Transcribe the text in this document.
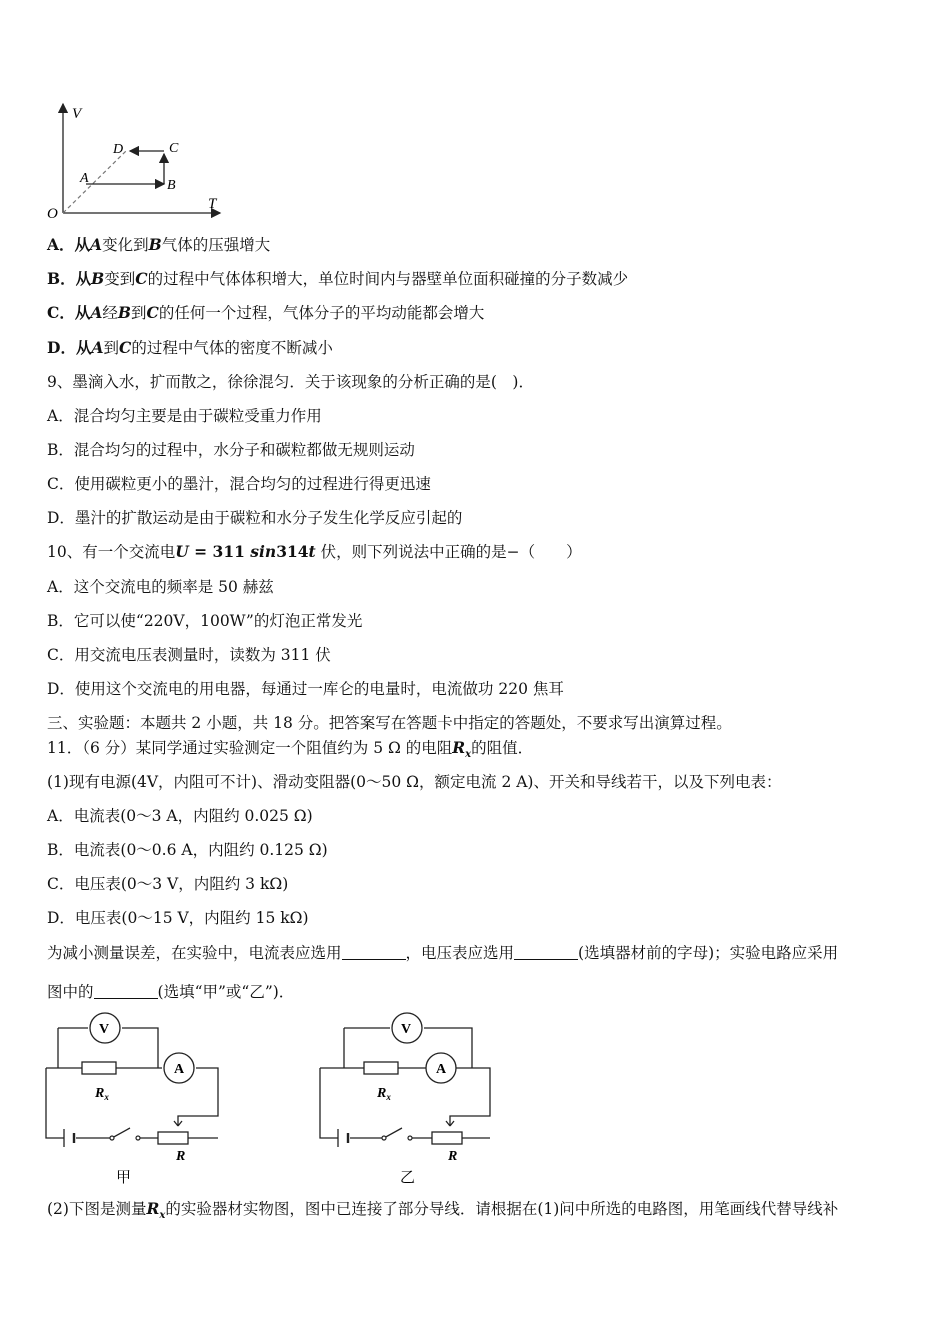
V
T
O
A	B
C
D
A．从A变化到B气体的压强增大
B．从B变到C的过程中气体体积增大，单位时间内与器壁单位面积碰撞的分子数减少
C．从A经B到C的任何一个过程，气体分子的平均动能都会增大
D．从A到C的过程中气体的密度不断减小
9、墨滴入水，扩而散之，徐徐混匀．关于该现象的分析正确的是(　)．
A．混合均匀主要是由于碳粒受重力作用
B．混合均匀的过程中，水分子和碳粒都做无规则运动
C．使用碳粒更小的墨汁，混合均匀的过程进行得更迅速
D．墨汁的扩散运动是由于碳粒和水分子发生化学反应引起的
10、有一个交流电U = 311 sin314t 伏，则下列说法中正确的是−（　　）
A．这个交流电的频率是 50 赫兹
B．它可以使“220V，100W”的灯泡正常发光
C．用交流电压表测量时，读数为 311 伏
D．使用这个交流电的用电器，每通过一库仑的电量时，电流做功 220 焦耳
三、实验题：本题共 2 小题，共 18 分。把答案写在答题卡中指定的答题处，不要求写出演算过程。
11．（6 分）某同学通过实验测定一个阻值约为 5 Ω 的电阻$R_x$的阻值．
(1)现有电源(4V，内阻可不计)、滑动变阻器(0～50 Ω，额定电流 2 A)、开关和导线若干，以及下列电表：
A．电流表(0～3 A，内阻约 0.025 Ω)
B．电流表(0～0.6 A，内阻约 0.125 Ω)
C．电压表(0～3 V，内阻约 3 kΩ)
D．电压表(0～15 V，内阻约 15 kΩ)
为减小测量误差，在实验中，电流表应选用	，电压表应选用	(选填器材前的字母)；实验电路应采用
图中的	(选填“甲”或“乙”)．
V
A
$R_x$
R
甲
V
A
$R_x$
R
乙
(2)下图是测量$R_x$的实验器材实物图，图中已连接了部分导线．请根据在(1)问中所选的电路图，用笔画线代替导线补
